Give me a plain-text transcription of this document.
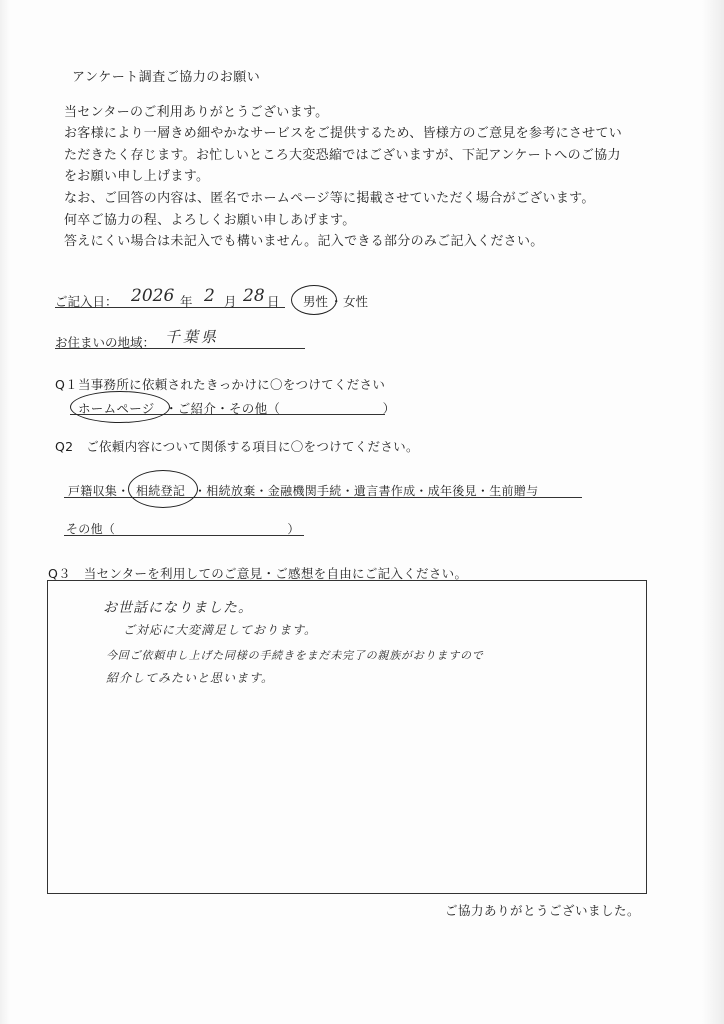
アンケート調査ご協力のお願い
当センターのご利用ありがとうございます。
お客様により一層きめ細やかなサービスをご提供するため、皆様方のご意見を参考にさせてい
ただきたく存じます。お忙しいところ大変恐縮ではございますが、下記アンケートへのご協力
をお願い申し上げます。
なお、ご回答の内容は、匿名でホームページ等に掲載させていただく場合がございます。
何卒ご協力の程、よろしくお願い申しあげます。
答えにくい場合は未記入でも構いません。記入できる部分のみご記入ください。
ご記入日： 2026 年 2 月 28 日 男性 ・ 女性
お住まいの地域： 千葉県
Q１当事務所に依頼されたきっかけに〇をつけてください
ホームページ ・ご紹介・その他（　　　　　　　　）
Q2　ご依頼内容について関係する項目に〇をつけてください。
戸籍収集・ 相続登記 ・相続放棄・金融機関手続・遺言書作成・成年後見・生前贈与
その他（　　　　　　　　　　　　　　）
Q３　当センターを利用してのご意見・ご感想を自由にご記入ください。
お世話になりました。
ご対応に大変満足しております。
今回ご依頼申し上げた同様の手続きをまだ未完了の親族がおりますので
紹介してみたいと思います。
ご協力ありがとうございました。
